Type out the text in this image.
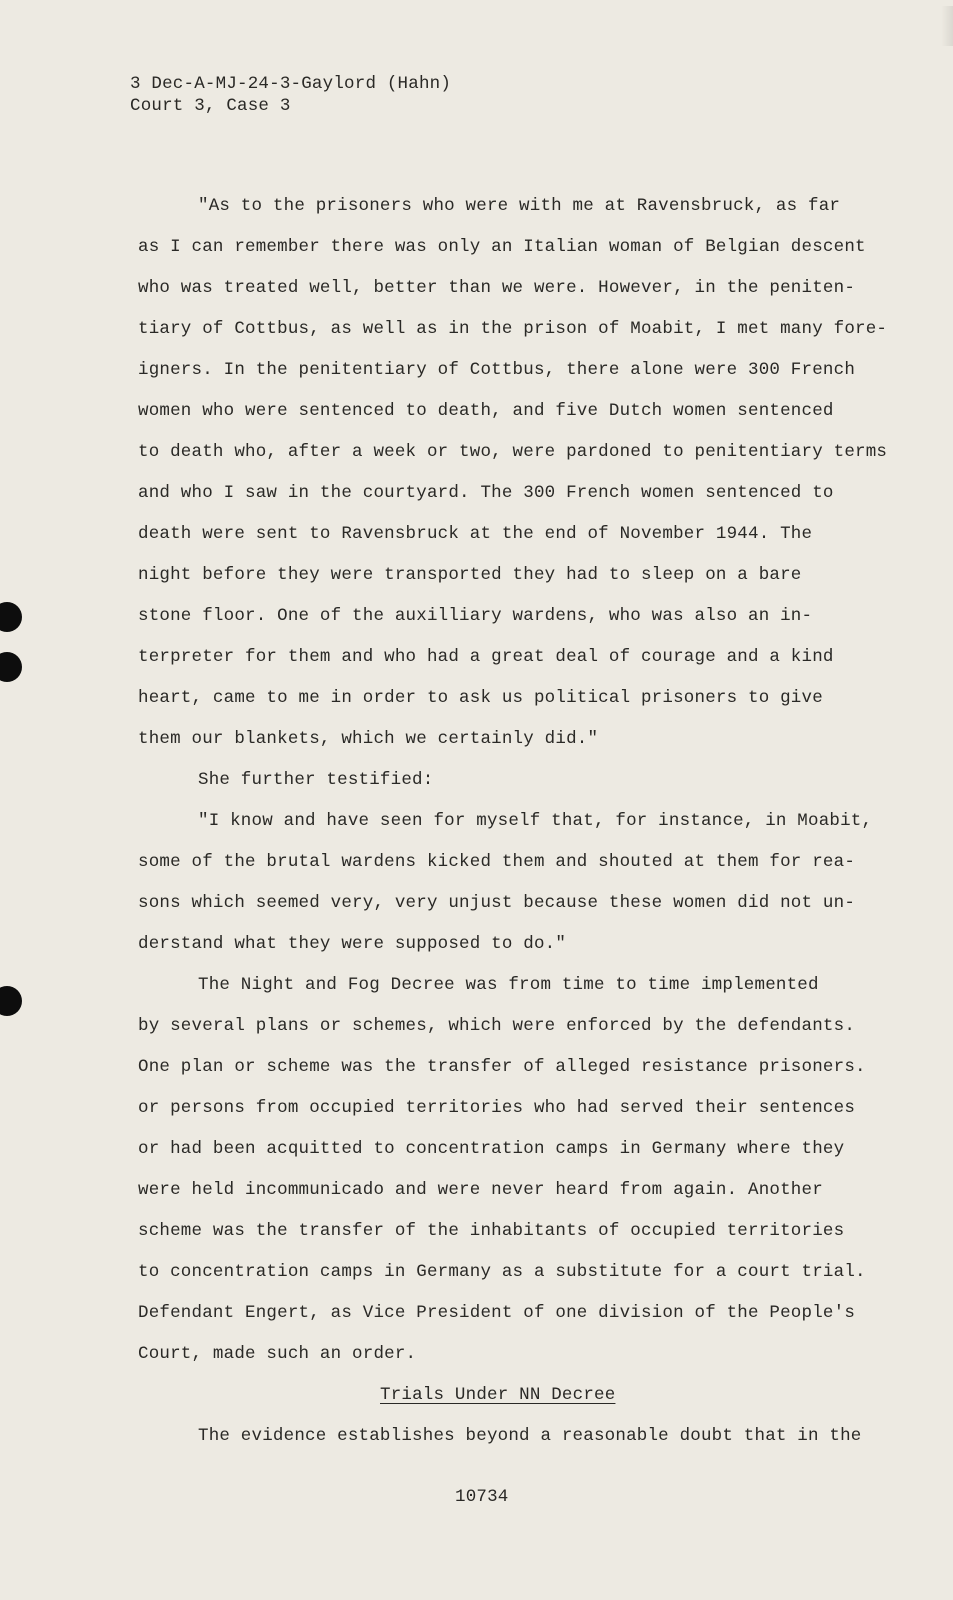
3 Dec-A-MJ-24-3-Gaylord (Hahn)
Court 3, Case 3
"As to the prisoners who were with me at Ravensbruck, as far
as I can remember there was only an Italian woman of Belgian descent
who was treated well, better than we were. However, in the peniten-
tiary of Cottbus, as well as in the prison of Moabit, I met many fore-
igners. In the penitentiary of Cottbus, there alone were 300 French
women who were sentenced to death, and five Dutch women sentenced
to death who, after a week or two, were pardoned to penitentiary terms
and who I saw in the courtyard. The 300 French women sentenced to
death were sent to Ravensbruck at the end of November 1944. The
night before they were transported they had to sleep on a bare
stone floor. One of the auxilliary wardens, who was also an in-
terpreter for them and who had a great deal of courage and a kind
heart, came to me in order to ask us political prisoners to give
them our blankets, which we certainly did."
She further testified:
"I know and have seen for myself that, for instance, in Moabit,
some of the brutal wardens kicked them and shouted at them for rea-
sons which seemed very, very unjust because these women did not un-
derstand what they were supposed to do."
The Night and Fog Decree was from time to time implemented
by several plans or schemes, which were enforced by the defendants.
One plan or scheme was the transfer of alleged resistance prisoners.
or persons from occupied territories who had served their sentences
or had been acquitted to concentration camps in Germany where they
were held incommunicado and were never heard from again. Another
scheme was the transfer of the inhabitants of occupied territories
to concentration camps in Germany as a substitute for a court trial.
Defendant Engert, as Vice President of one division of the People's
Court, made such an order.
Trials Under NN Decree
The evidence establishes beyond a reasonable doubt that in the
10734
